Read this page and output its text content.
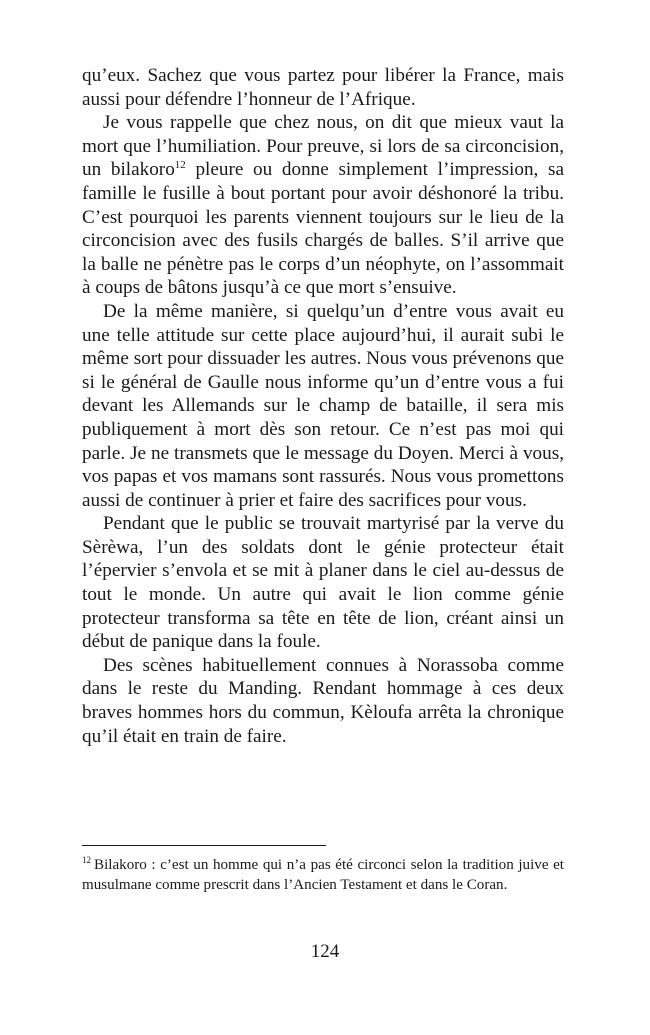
qu’eux. Sachez que vous partez pour libérer la France, mais aussi pour défendre l’honneur de l’Afrique.

Je vous rappelle que chez nous, on dit que mieux vaut la mort que l’humiliation. Pour preuve, si lors de sa circoncision, un bilakoro$^{12}$ pleure ou donne simplement l’impression, sa famille le fusille à bout portant pour avoir déshonoré la tribu. C’est pourquoi les parents viennent toujours sur le lieu de la circoncision avec des fusils chargés de balles. S’il arrive que la balle ne pénètre pas le corps d’un néophyte, on l’assommait à coups de bâtons jusqu’à ce que mort s’ensuive.

De la même manière, si quelqu’un d’entre vous avait eu une telle attitude sur cette place aujourd’hui, il aurait subi le même sort pour dissuader les autres. Nous vous prévenons que si le général de Gaulle nous informe qu’un d’entre vous a fui devant les Allemands sur le champ de bataille, il sera mis publiquement à mort dès son retour. Ce n’est pas moi qui parle. Je ne transmets que le message du Doyen. Merci à vous, vos papas et vos mamans sont rassurés. Nous vous promettons aussi de continuer à prier et faire des sacrifices pour vous.

Pendant que le public se trouvait martyrisé par la verve du Sèrèwa, l’un des soldats dont le génie protecteur était l’épervier s’envola et se mit à planer dans le ciel au-dessus de tout le monde. Un autre qui avait le lion comme génie protecteur transforma sa tête en tête de lion, créant ainsi un début de panique dans la foule.

Des scènes habituellement connues à Norassoba comme dans le reste du Manding. Rendant hommage à ces deux braves hommes hors du commun, Kèloufa arrêta la chronique qu’il était en train de faire.

$^{12}$ Bilakoro : c’est un homme qui n’a pas été circonci selon la tradition juive et musulmane comme prescrit dans l’Ancien Testament et dans le Coran.

124
